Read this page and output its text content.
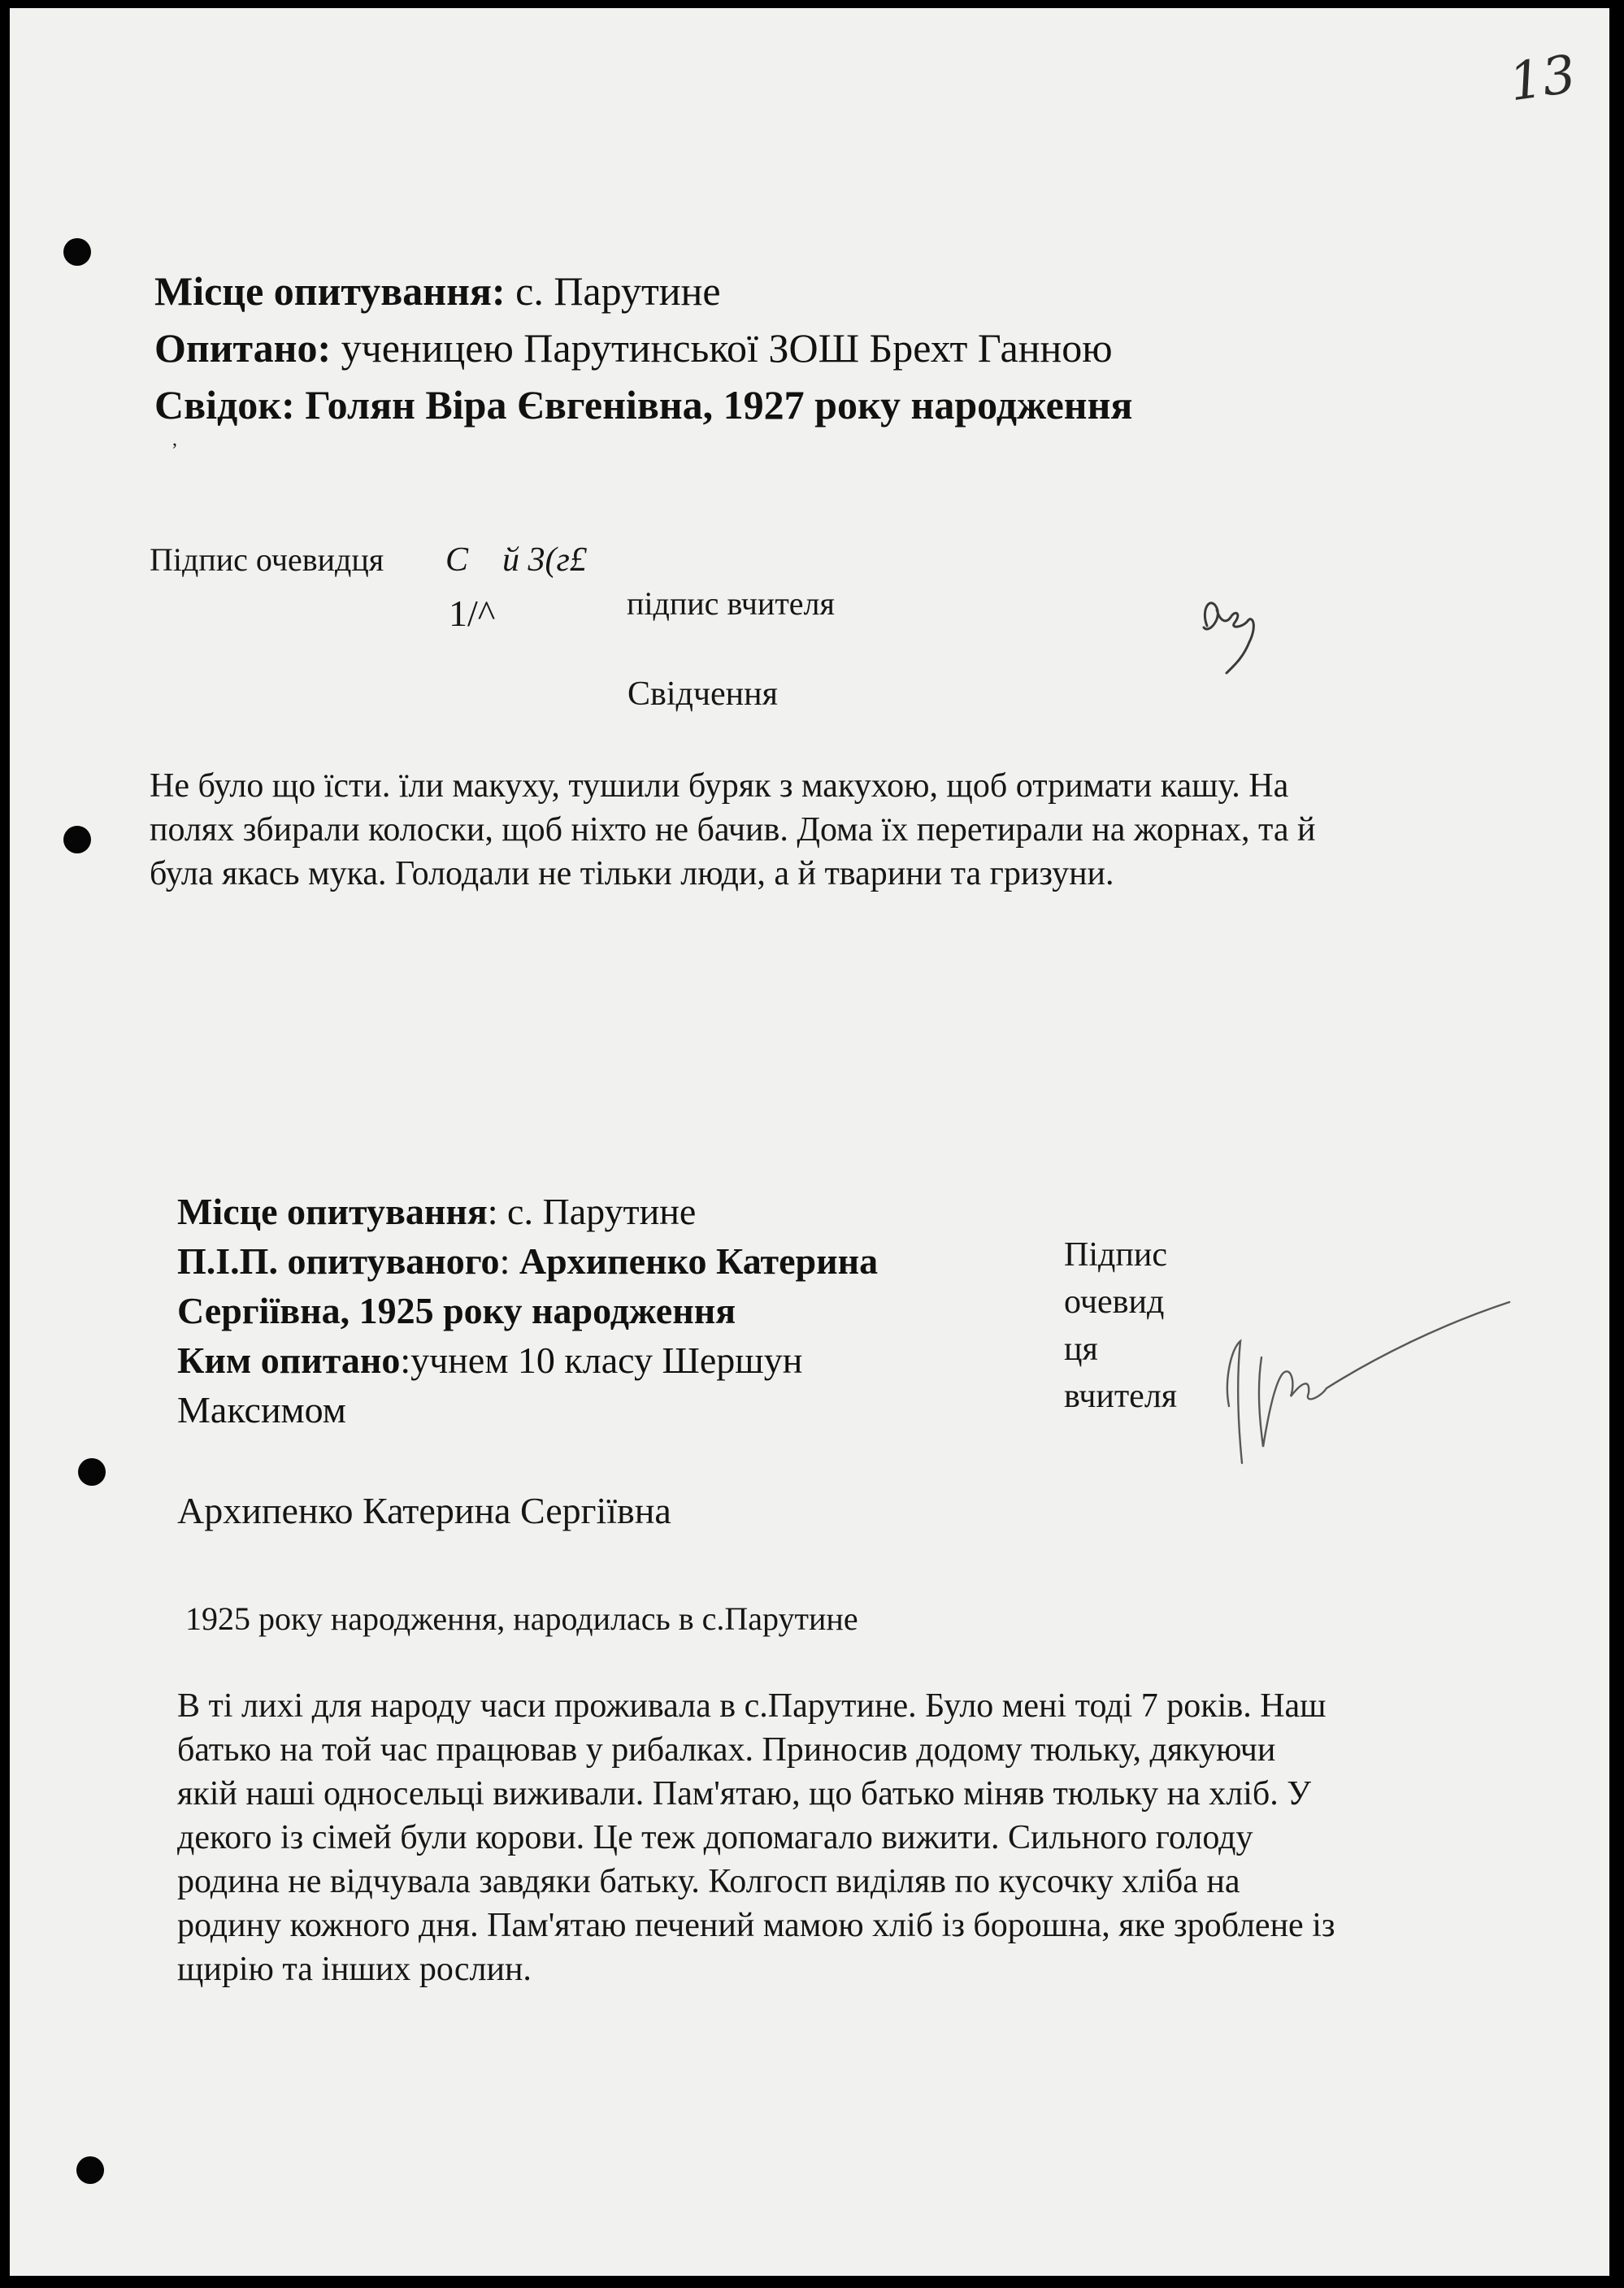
13
Місце опитування: с. Парутине
Опитано: ученицею Парутинської ЗОШ Брехт Ганною
Свідок: Голян Віра Євгенівна, 1927 року народження
,
Підпис очевидця С    й 3(г£
1/^	підпис вчителя
Свідчення
Не було що їсти. їли макуху, тушили буряк з макухою, щоб отримати кашу. На
полях збирали колоски, щоб ніхто не бачив. Дома їх перетирали на жорнах, та й
була якась мука. Голодали не тільки люди, а й тварини та гризуни.
Місце опитування: с. Парутине
П.І.П. опитуваного: Архипенко Катерина
Сергіївна, 1925 року народження
Ким опитано:учнем 10 класу Шершун
Максимом
Підпис
очевид
ця
вчителя
Архипенко Катерина Сергіївна
1925 року народження, народилась в с.Парутине
В ті лихі для народу часи проживала в с.Парутине. Було мені тоді 7 років. Наш
батько на той час працював у рибалках. Приносив додому тюльку, дякуючи
якій наші односельці виживали. Пам'ятаю, що батько міняв тюльку на хліб. У
декого із сімей були корови. Це теж допомагало вижити. Сильного голоду
родина не відчувала завдяки батьку. Колгосп виділяв по кусочку хліба на
родину кожного дня. Пам'ятаю печений мамою хліб із борошна, яке зроблене із
щирію та інших рослин.
